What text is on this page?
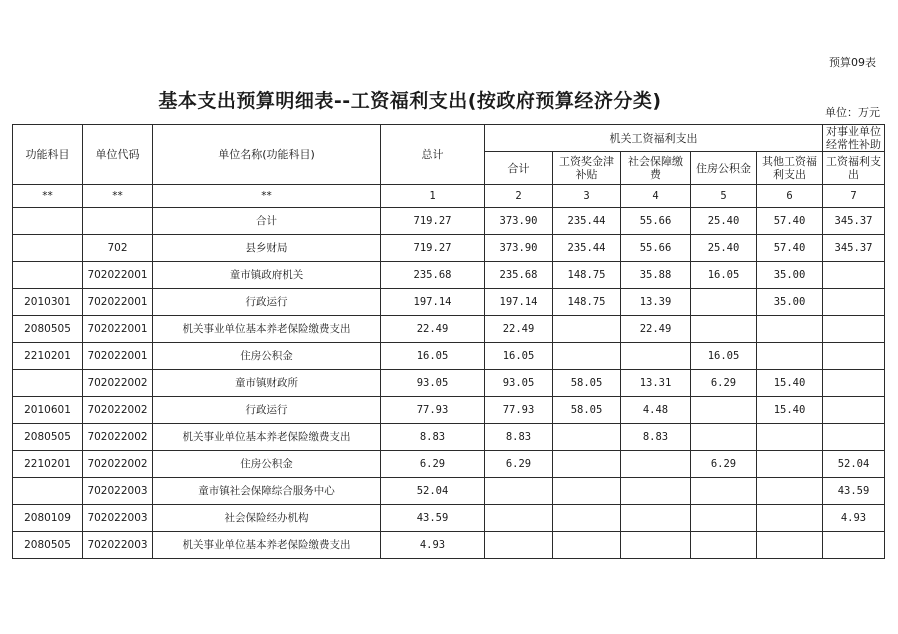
预算09表
基本支出预算明细表--工资福利支出(按政府预算经济分类)
单位：万元
功能科目	单位代码	单位名称(功能科目)	总计	机关工资福利支出					对事业单位经常性补助
				合计	工资奖金津补贴	社会保障缴费	住房公积金	其他工资福利支出	工资福利支出
**	**	**	1	2	3	4	5	6	7
		合计	719.27	373.90	235.44	55.66	25.40	57.40	345.37
	702	县乡财局	719.27	373.90	235.44	55.66	25.40	57.40	345.37
	702022001	童市镇政府机关	235.68	235.68	148.75	35.88	16.05	35.00	
2010301	702022001	行政运行	197.14	197.14	148.75	13.39		35.00	
2080505	702022001	机关事业单位基本养老保险缴费支出	22.49	22.49		22.49			
2210201	702022001	住房公积金	16.05	16.05			16.05		
	702022002	童市镇财政所	93.05	93.05	58.05	13.31	6.29	15.40	
2010601	702022002	行政运行	77.93	77.93	58.05	4.48		15.40	
2080505	702022002	机关事业单位基本养老保险缴费支出	8.83	8.83		8.83			
2210201	702022002	住房公积金	6.29	6.29			6.29		52.04
	702022003	童市镇社会保障综合服务中心	52.04						43.59
2080109	702022003	社会保险经办机构	43.59						4.93
2080505	702022003	机关事业单位基本养老保险缴费支出	4.93						
